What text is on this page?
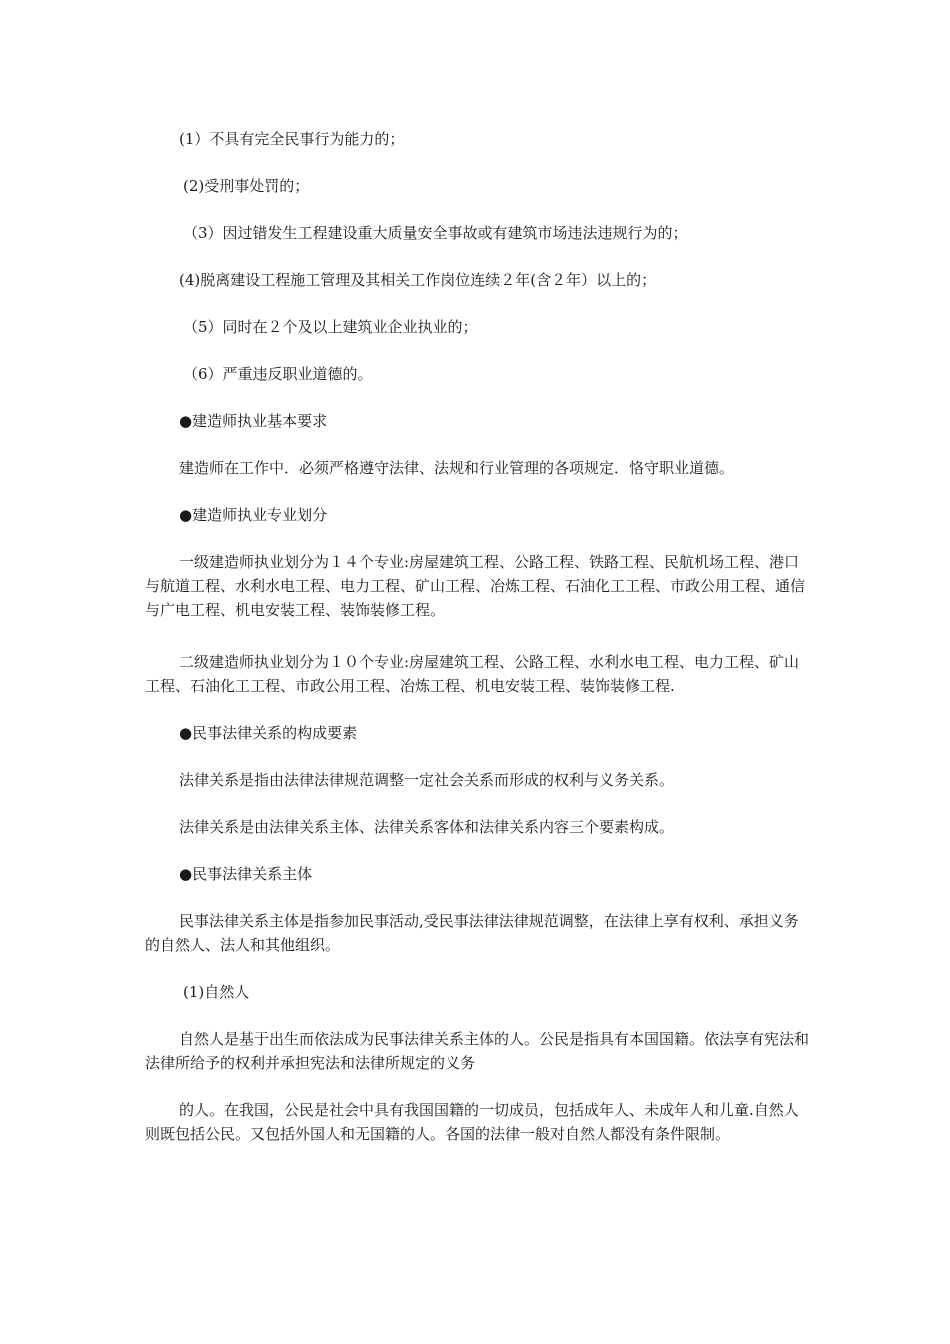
(1）不具有完全民事行为能力的；

(2)受刑事处罚的；

（3）因过错发生工程建设重大质量安全事故或有建筑市场违法违规行为的；

(4)脱离建设工程施工管理及其相关工作岗位连续２年(含２年）以上的；

（5）同时在２个及以上建筑业企业执业的；

（6）严重违反职业道德的。

●建造师执业基本要求

建造师在工作中．必须严格遵守法律、法规和行业管理的各项规定．恪守职业道德。

●建造师执业专业划分

一级建造师执业划分为１４个专业:房屋建筑工程、公路工程、铁路工程、民航机场工程、港口与航道工程、水利水电工程、电力工程、矿山工程、冶炼工程、石油化工工程、市政公用工程、通信与广电工程、机电安装工程、装饰装修工程。

二级建造师执业划分为１０个专业:房屋建筑工程、公路工程、水利水电工程、电力工程、矿山工程、石油化工工程、市政公用工程、冶炼工程、机电安装工程、装饰装修工程.

●民事法律关系的构成要素

法律关系是指由法律法律规范调整一定社会关系而形成的权利与义务关系。

法律关系是由法律关系主体、法律关系客体和法律关系内容三个要素构成。

●民事法律关系主体

民事法律关系主体是指参加民事活动,受民事法律法律规范调整，在法律上享有权利、承担义务的自然人、法人和其他组织。

(1)自然人

自然人是基于出生而依法成为民事法律关系主体的人。公民是指具有本国国籍。依法享有宪法和法律所给予的权利并承担宪法和法律所规定的义务

的人。在我国，公民是社会中具有我国国籍的一切成员，包括成年人、未成年人和儿童.自然人则既包括公民。又包括外国人和无国籍的人。各国的法律一般对自然人都没有条件限制。
